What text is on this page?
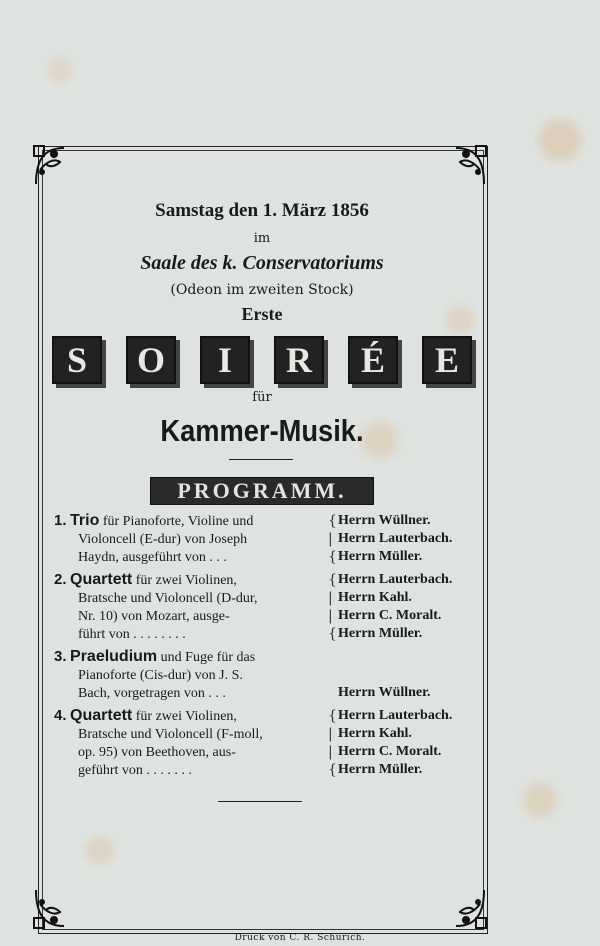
Samstag den 1. März 1856
im
Saale des k. Conservatoriums
(Odeon im zweiten Stock)
Erste
S	O	I	R	É	E
für
Kammer-Musik.
PROGRAMM.
1. Trio für Pianoforte, Violine und
Violoncell (E-dur) von Joseph
Haydn, ausgeführt von . . .
{
|
{
Herrn Wüllner.
Herrn Lauterbach.
Herrn Müller.
2. Quartett für zwei Violinen,
Bratsche und Violoncell (D-dur,
Nr. 10) von Mozart, ausge-
führt von . . . . . . . .
{
|
|
{
Herrn Lauterbach.
Herrn Kahl.
Herrn C. Moralt.
Herrn Müller.
3. Praeludium und Fuge für das
Pianoforte (Cis-dur) von J. S.
Bach, vorgetragen von . . .

	Herrn Wüllner.
4. Quartett für zwei Violinen,
Bratsche und Violoncell (F-moll,
op. 95) von Beethoven, aus-
geführt von . . . . . . .
{
|
|
{
Herrn Lauterbach.
Herrn Kahl.
Herrn C. Moralt.
Herrn Müller.
Druck von C. R. Schurich.
